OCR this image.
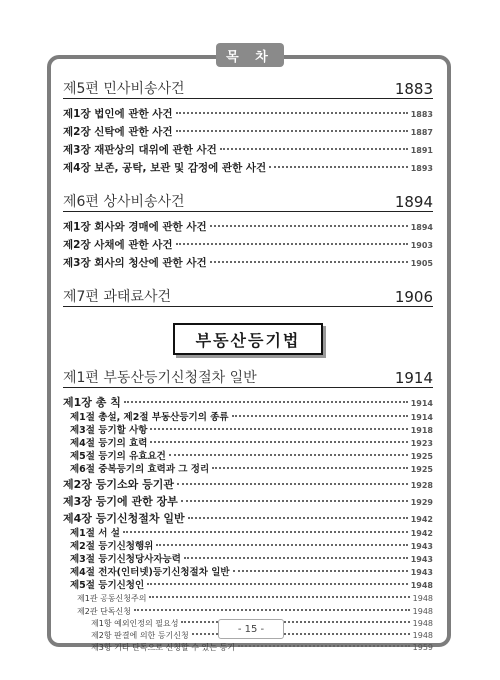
목 차
제5편 민사비송사건	1883
제1장 법인에 관한 사건	1883
제2장 신탁에 관한 사건	1887
제3장 재판상의 대위에 관한 사건	1891
제4장 보존, 공탁, 보관 및 감정에 관한 사건	1893
제6편 상사비송사건	1894
제1장 회사와 경매에 관한 사건	1894
제2장 사채에 관한 사건	1903
제3장 회사의 청산에 관한 사건	1905
제7편 과태료사건	1906
부동산등기법
제1편 부동산등기신청절차 일반	1914
제1장 총 칙	1914
제1절 총설, 제2절 부동산등기의 종류	1914
제3절 등기할 사항	1918
제4절 등기의 효력	1923
제5절 등기의 유효요건	1925
제6절 중복등기의 효력과 그 정리	1925
제2장 등기소와 등기관	1928
제3장 등기에 관한 장부	1929
제4장 등기신청절차 일반	1942
제1절 서 설	1942
제2절 등기신청행위	1943
제3절 등기신청당사자능력	1943
제4절 전자(인터넷)등기신청절차 일반	1943
제5절 등기신청인	1948
제1관 공동신청주의	1948
제2관 단독신청	1948
제1항 예외인정의 필요성	1948
제2항 판결에 의한 등기신청	1948
제3항 기타 단독으로 신청할 수 있는 등기	1959
- 15 -
